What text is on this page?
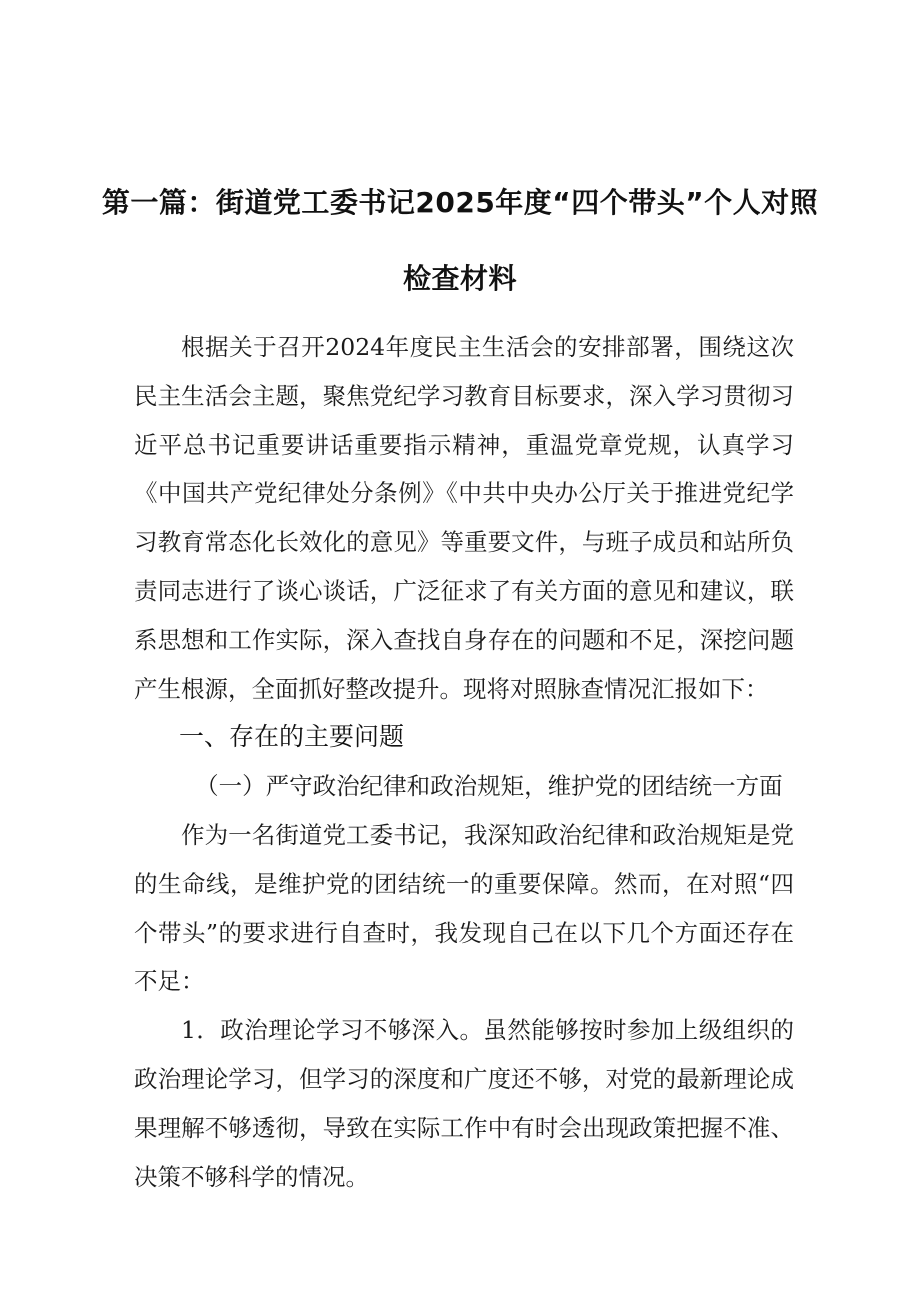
第一篇：街道党工委书记2025年度“四个带头”个人对照检查材料

根据关于召开2024年度民主生活会的安排部署，围绕这次民主生活会主题，聚焦党纪学习教育目标要求，深入学习贯彻习近平总书记重要讲话重要指示精神，重温党章党规，认真学习《中国共产党纪律处分条例》《中共中央办公厅关于推进党纪学习教育常态化长效化的意见》等重要文件，与班子成员和站所负责同志进行了谈心谈话，广泛征求了有关方面的意见和建议，联系思想和工作实际，深入查找自身存在的问题和不足，深挖问题产生根源，全面抓好整改提升。现将对照脉查情况汇报如下：

一、存在的主要问题

（一）严守政治纪律和政治规矩，维护党的团结统一方面

作为一名街道党工委书记，我深知政治纪律和政治规矩是党的生命线，是维护党的团结统一的重要保障。然而，在对照“四个带头”的要求进行自查时，我发现自己在以下几个方面还存在不足：

1．政治理论学习不够深入。虽然能够按时参加上级组织的政治理论学习，但学习的深度和广度还不够，对党的最新理论成果理解不够透彻，导致在实际工作中有时会出现政策把握不准、决策不够科学的情况。
